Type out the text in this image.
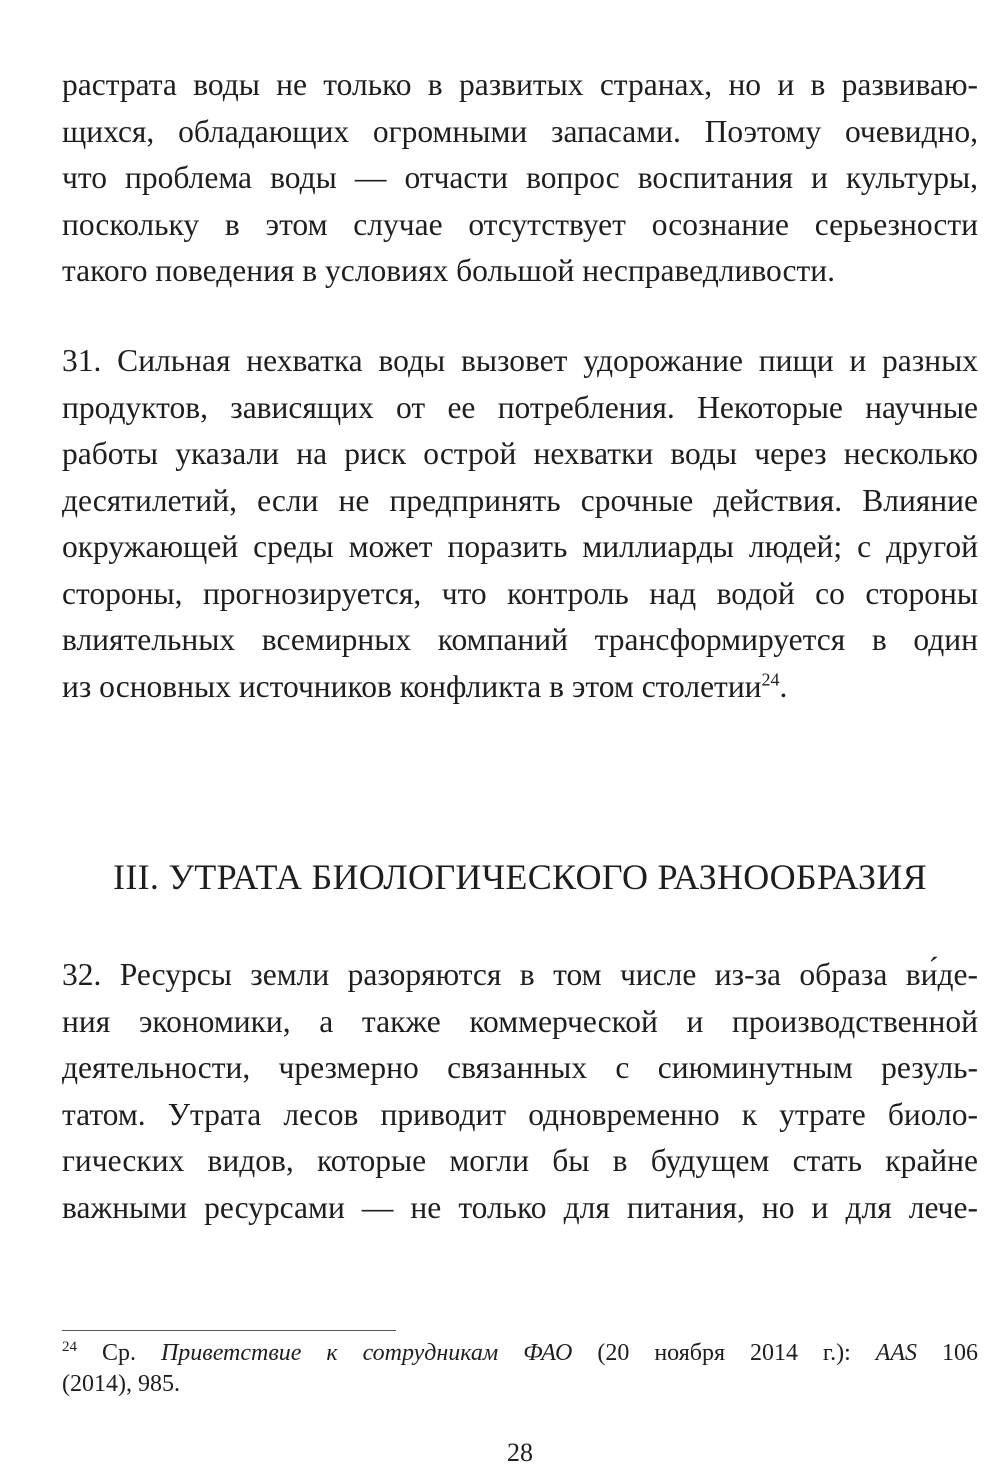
растрата воды не только в развитых странах, но и в развиваю-
щихся, обладающих огромными запасами. Поэтому очевидно,
что проблема воды — отчасти вопрос воспитания и культуры,
поскольку в этом случае отсутствует осознание серьезности
такого поведения в условиях большой несправедливости.

31. Сильная нехватка воды вызовет удорожание пищи и разных
продуктов, зависящих от ее потребления. Некоторые научные
работы указали на риск острой нехватки воды через несколько
десятилетий, если не предпринять срочные действия. Влияние
окружающей среды может поразить миллиарды людей; с другой
стороны, прогнозируется, что контроль над водой со стороны
влиятельных всемирных компаний трансформируется в один
из основных источников конфликта в этом столетии$^{24}$.

III. УТРАТА БИОЛОГИЧЕСКОГО РАЗНООБРАЗИЯ

32. Ресурсы земли разоряются в том числе из-за образа ви́де-
ния экономики, а также коммерческой и производственной
деятельности, чрезмерно связанных с сиюминутным резуль-
татом. Утрата лесов приводит одновременно к утрате биоло-
гических видов, которые могли бы в будущем стать крайне
важными ресурсами — не только для питания, но и для лече-

$^{24}$ Ср. Приветствие к сотрудникам ФАО (20 ноября 2014 г.): AAS 106
(2014), 985.
28
